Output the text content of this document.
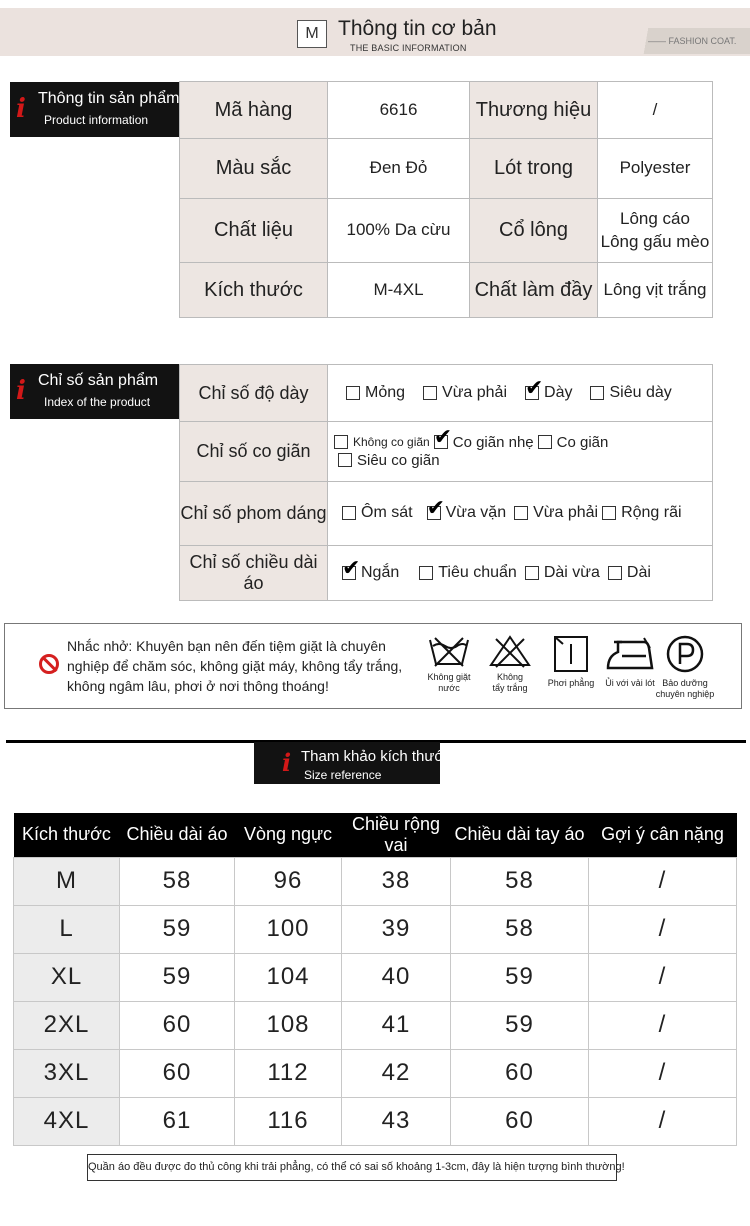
M Thông tin cơ bản
THE BASIC INFORMATION
—— FASHION COAT.
i Thông tin sản phẩm
Product information	Mã hàng	6616	Thương hiệu	/
Màu sắc	Đen Đỏ	Lót trong	Polyester
Chất liệu	100% Da cừu	Cổ lông	Lông cáo
Lông gấu mèo

Kích thước	M-4XL	Chất làm đầy	Lông vịt trắng
i Chỉ số sản phẩm
Index of the product	Chỉ số độ dày	Mỏng Vừa phải ✔ Dày Siêu dày

Chỉ số co giãn	Không co giãn ✔ Co giãn nhẹ Co giãn
Siêu co giãn

Chỉ số phom dáng	Ôm sát ✔ Vừa vặn Vừa phải Rộng rãi

Chỉ số chiều dài áo	✔ Ngắn Tiêu chuẩn Dài vừa Dài
Nhắc nhở: Khuyên bạn nên đến tiệm giặt là chuyên nghiệp để chăm sóc, không giặt máy, không tẩy trắng, không ngâm lâu, phơi ở nơi thông thoáng!
Không giặt
nước
Không
tẩy trắng	Phơi phẳng	Ủi với vải lót Bảo dưỡng
chuyên nghiệp
i Tham khảo kích thước
Size reference
Kích thước	Chiều dài áo	Vòng ngực	Chiều rộng vai	Chiều dài tay áo	Gợi ý cân nặng
M	58	96	38	58	/
L	59	100	39	58	/
XL	59	104	40	59	/
2XL	60	108	41	59	/
3XL	60	112	42	60	/
4XL	61	116	43	60	/
Quần áo đều được đo thủ công khi trải phẳng, có thể có sai số khoảng 1-3cm, đây là hiện tượng bình thường!
